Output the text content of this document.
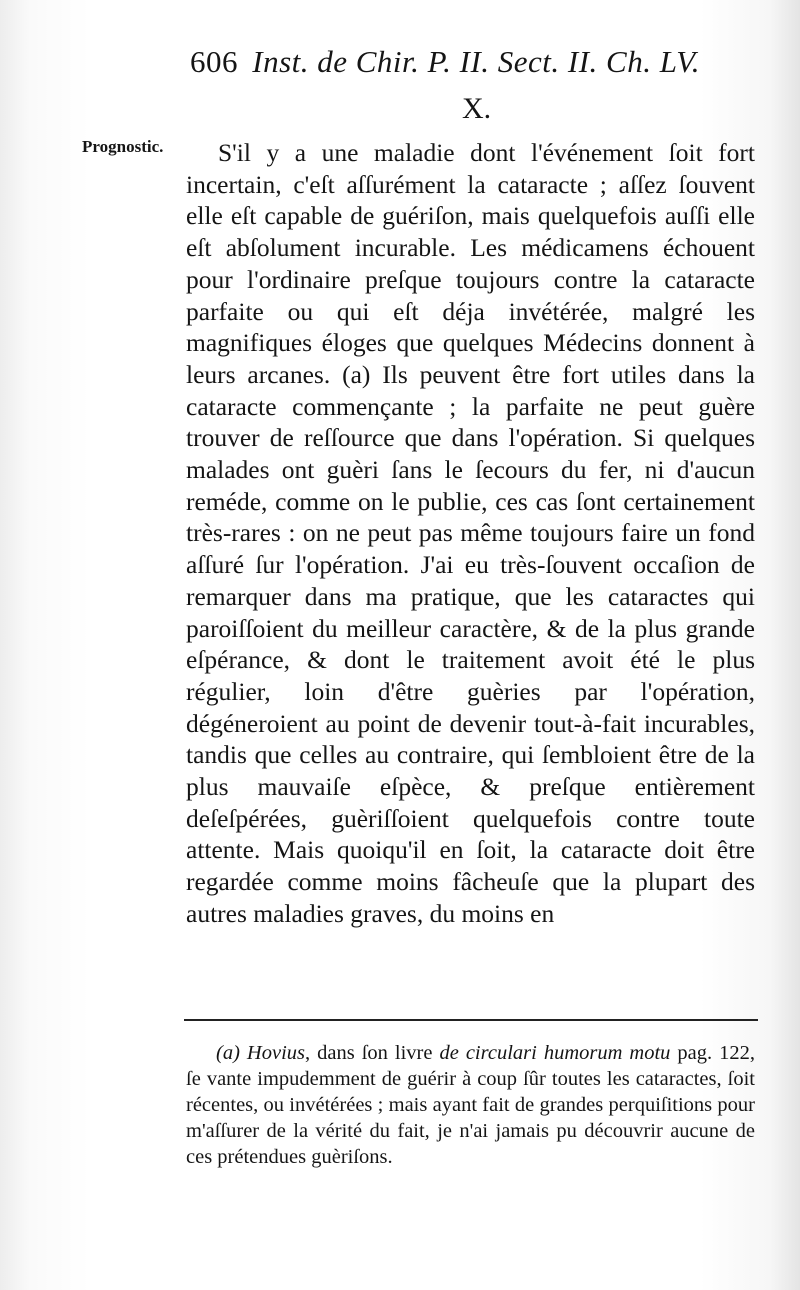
606 Inst. de Chir. P. II. Sect. II. Ch. LV.
X.
Prognostic.	S'il y a une maladie dont l'événement ſoit fort incertain, c'eſt aſſurément la cataracte ; aſſez ſouvent elle eſt capable de guériſon, mais quelquefois auſſi elle eſt abſolument incurable. Les médicamens échouent pour l'ordinaire preſque toujours contre la cataracte parfaite ou qui eſt déja invétérée, malgré les magnifiques éloges que quelques Médecins donnent à leurs arcanes. (a) Ils peuvent être fort utiles dans la cataracte commençante ; la parfaite ne peut guère trouver de reſſource que dans l'opération. Si quelques malades ont guèri ſans le ſecours du fer, ni d'aucun reméde, comme on le publie, ces cas ſont certainement très-rares : on ne peut pas même toujours faire un fond aſſuré ſur l'opération. J'ai eu très-ſouvent occaſion de remarquer dans ma pratique, que les cataractes qui paroiſſoient du meilleur caractère, & de la plus grande eſpérance, & dont le traitement avoit été le plus régulier, loin d'être guèries par l'opération, dégéneroient au point de devenir tout-à-fait incurables, tandis que celles au contraire, qui ſembloient être de la plus mauvaiſe eſpèce, & preſque entièrement deſeſpérées, guèriſſoient quelquefois contre toute attente. Mais quoiqu'il en ſoit, la cataracte doit être regardée comme moins fâcheuſe que la plupart des autres maladies graves, du moins en

(a) Hovius, dans ſon livre de circulari humorum motu pag. 122, ſe vante impudemment de guérir à coup ſûr toutes les cataractes, ſoit récentes, ou invétérées ; mais ayant fait de grandes perquiſitions pour m'aſſurer de la vérité du fait, je n'ai jamais pu découvrir aucune de ces prétendues guèriſons.
